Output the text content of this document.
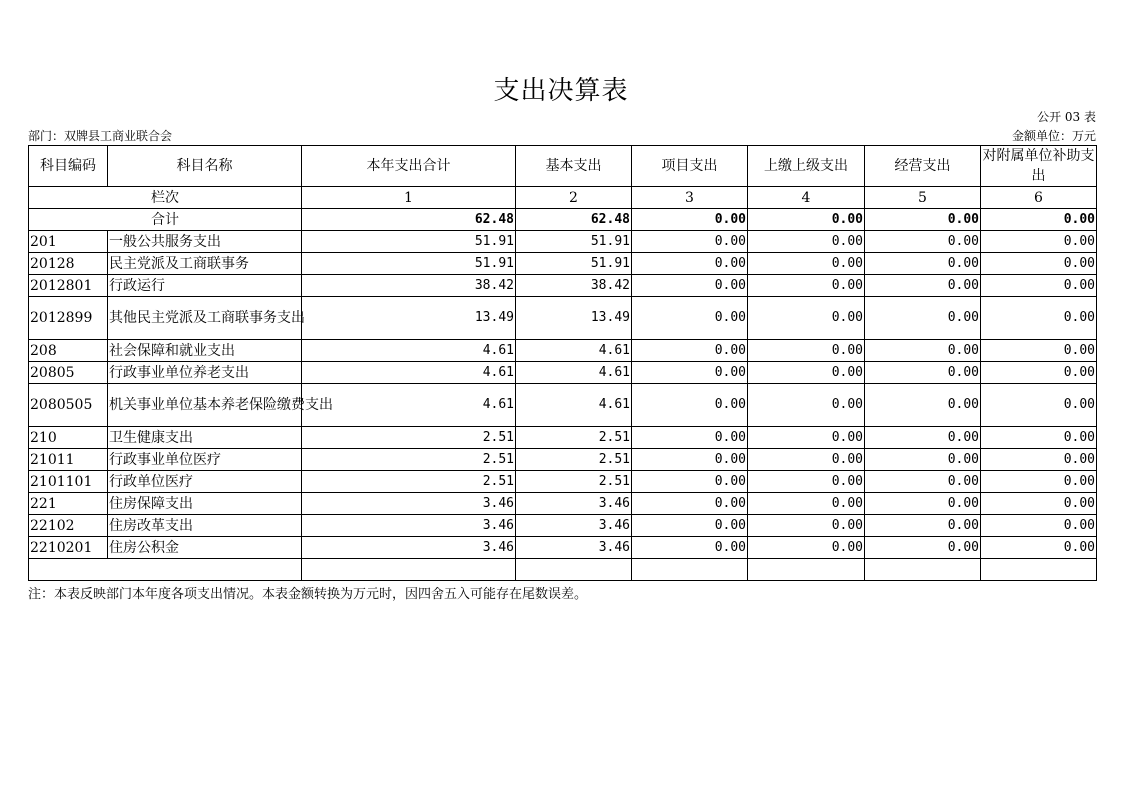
支出决算表
公开 03 表
部门：双牌县工商业联合会	金额单位：万元
科目编码	科目名称	本年支出合计	基本支出	项目支出	上缴上级支出	经营支出	对附属单位补助支出
栏次		1	2	3	4	5	6
合计		62.48	62.48	0.00	0.00	0.00	0.00
201	一般公共服务支出	51.91	51.91	0.00	0.00	0.00	0.00
20128	民主党派及工商联事务	51.91	51.91	0.00	0.00	0.00	0.00
2012801	行政运行	38.42	38.42	0.00	0.00	0.00	0.00
2012899	其他民主党派及工商联事务支出	13.49	13.49	0.00	0.00	0.00	0.00
208	社会保障和就业支出	4.61	4.61	0.00	0.00	0.00	0.00
20805	行政事业单位养老支出	4.61	4.61	0.00	0.00	0.00	0.00
2080505	机关事业单位基本养老保险缴费支出	4.61	4.61	0.00	0.00	0.00	0.00
210	卫生健康支出	2.51	2.51	0.00	0.00	0.00	0.00
21011	行政事业单位医疗	2.51	2.51	0.00	0.00	0.00	0.00
2101101	行政单位医疗	2.51	2.51	0.00	0.00	0.00	0.00
221	住房保障支出	3.46	3.46	0.00	0.00	0.00	0.00
22102	住房改革支出	3.46	3.46	0.00	0.00	0.00	0.00
2210201	住房公积金	3.46	3.46	0.00	0.00	0.00	0.00

注：本表反映部门本年度各项支出情况。本表金额转换为万元时，因四舍五入可能存在尾数误差。
